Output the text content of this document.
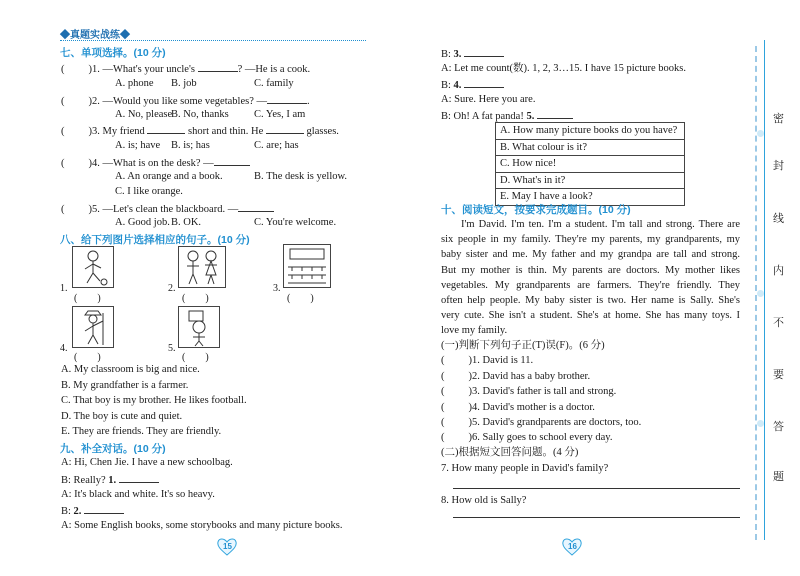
◆真题实战练◆
七、单项选择。(10 分)
( )1. —What's your uncle's	? —He is a cook.
A. phone B. job	C. family
( )2. —Would you like some vegetables? —	.
A. No, please
B. No, thanks C. Yes, I am
( )3. My friend	short and thin. He	glasses.
A. is; have B. is; has	C. are; has
( )4. —What is on the desk? —
A. An orange and a book.	B. The desk is yellow.
C. I like orange.
( )5. —Let's clean the blackboard. —
A. Good job. B. OK.	C. You're welcome.
八、给下列图片选择相应的句子。(10 分)
1.
(　　)
2.
(　　)
3.
(　　)
4.
(　　)
5.
(　　)
A. My classroom is big and nice.
B. My grandfather is a farmer.
C. That boy is my brother. He likes football.
D. The boy is cute and quiet.
E. They are friends. They are friendly.
九、补全对话。(10 分)
A: Hi, Chen Jie. I have a new schoolbag.
B: Really? 1.
A: It's black and white. It's so heavy.
B: 2.
A: Some English books, some storybooks and many picture books.
15
B: 3.
A: Let me count(数). 1, 2, 3…15. I have 15 picture books.
B: 4.
A: Sure. Here you are.
B: Oh! A fat panda! 5.
A. How many picture books do you have?
B. What colour is it?
C. How nice!
D. What's in it?
E. May I have a look?
十、阅读短文，按要求完成题目。(10 分)
I'm David. I'm ten. I'm a student. I'm tall and strong. There are
six people in my family. They're my parents, my grandparents, my
baby sister and me. My father and my grandpa are tall and strong.
But my mother is thin. My parents are doctors. My mother likes
vegetables. My grandparents are farmers. They're friendly. They
often help people. My baby sister is two. Her name is Sally. She's
very cute. She isn't a student. She's at home. She has many toys. I
love my family.
(一)判断下列句子正(T)误(F)。(6 分)
( )1. David is 11.
( )2. David has a baby brother.
( )3. David's father is tall and strong.
( )4. David's mother is a doctor.
( )5. David's grandparents are doctors, too.
( )6. Sally goes to school every day.
(二)根据短文回答问题。(4 分)
7. How many people in David's family?
8. How old is Sally?
16
密
封
线
内
不
要
答
题
